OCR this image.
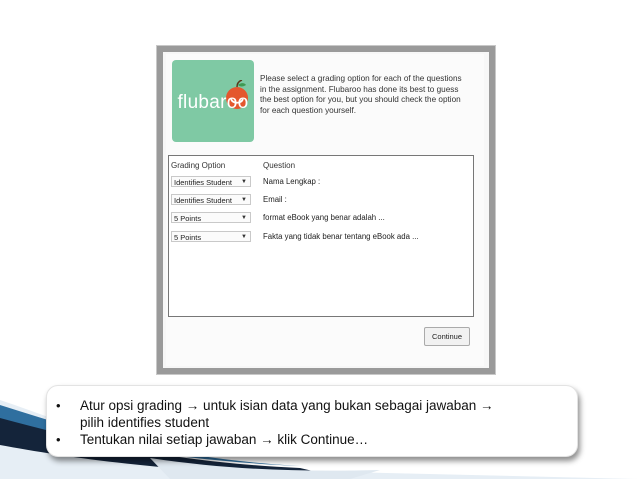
flubaroo
Please select a grading option for each of the questions
in the assignment. Flubaroo has done its best to guess
the best option for you, but you should check the option
for each question yourself.
Grading Option	Question
Identifies Student ▼ Nama Lengkap :
Identifies Student ▼ Email :
5 Points	▼ format eBook yang benar adalah ...
5 Points	▼ Fakta yang tidak benar tentang eBook ada ...
Continue
• Atur opsi grading → untuk isian data yang bukan sebagai jawaban →
pilih identifies student
• Tentukan nilai setiap jawaban → klik Continue…
